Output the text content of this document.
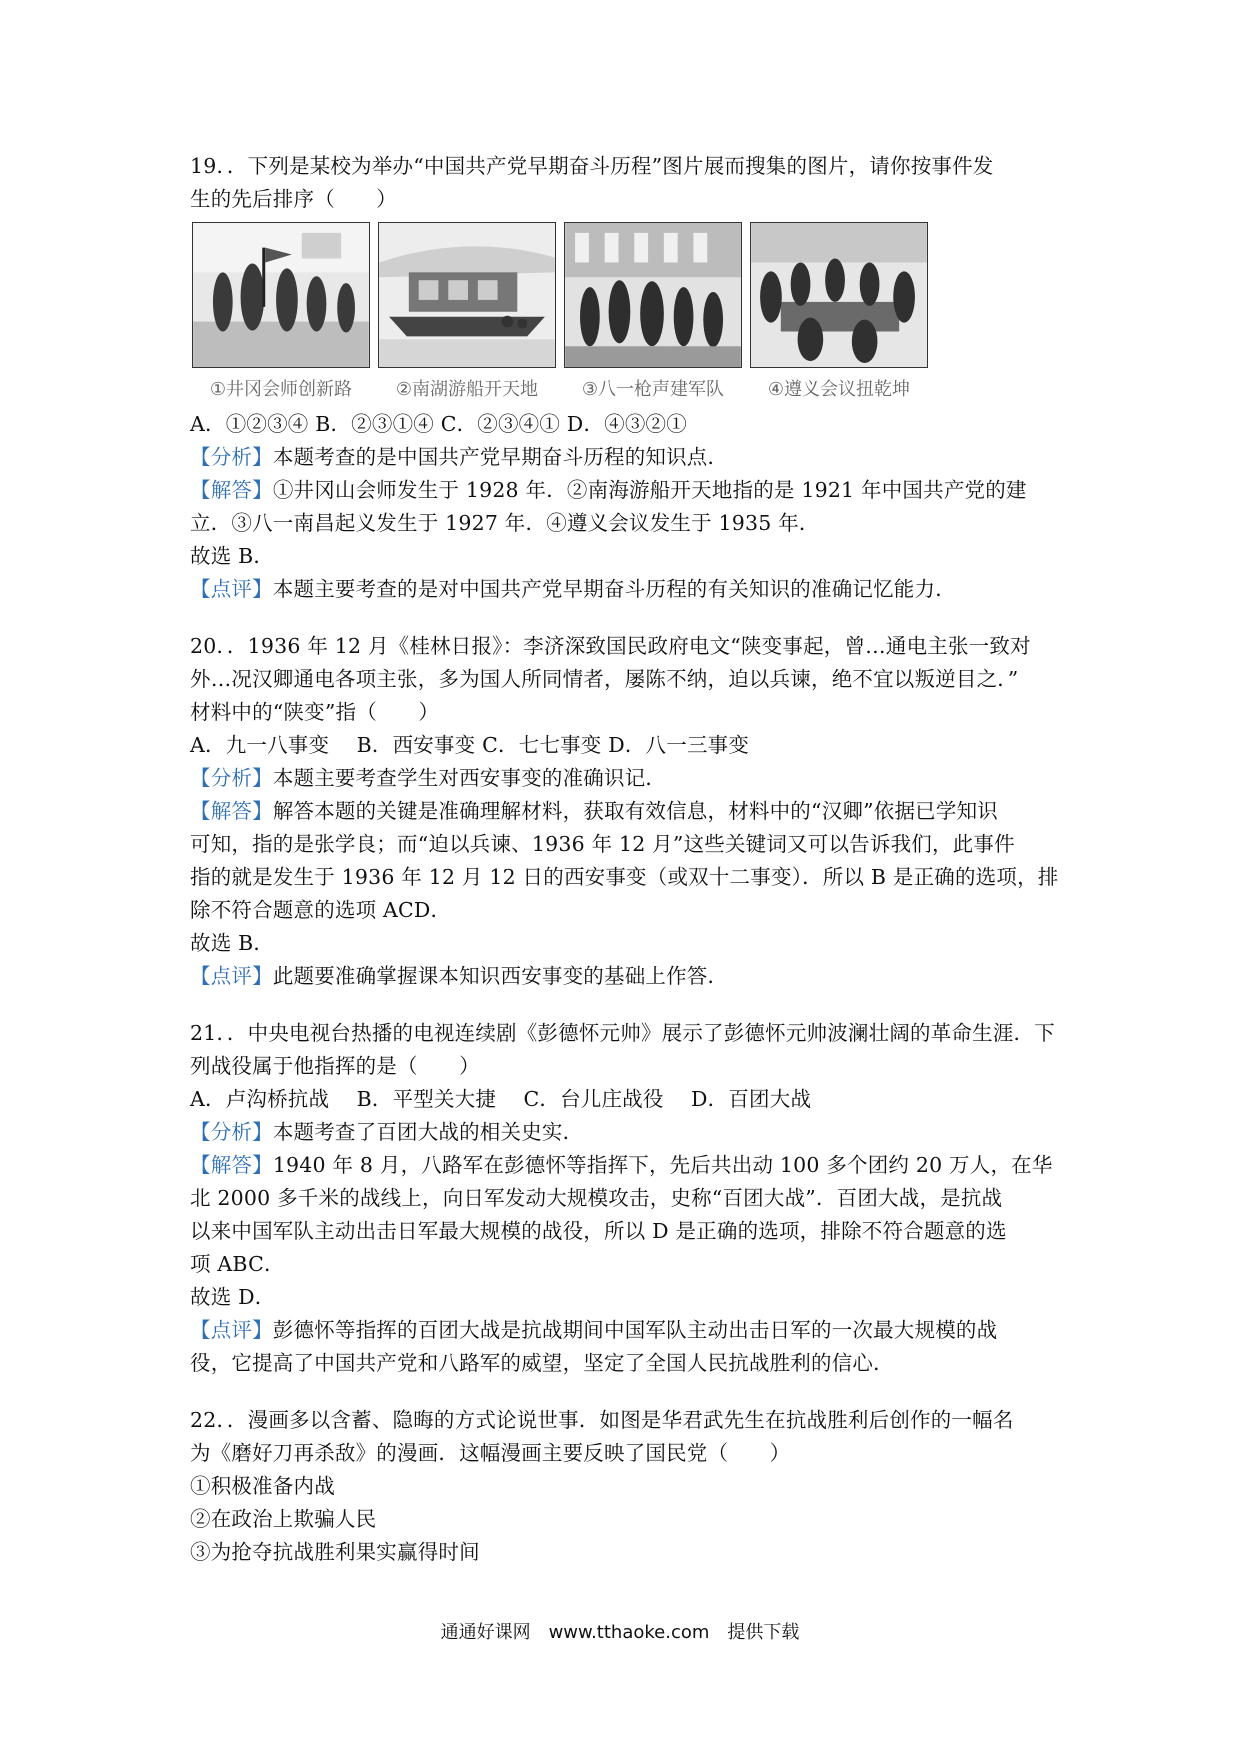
19．．下列是某校为举办“中国共产党早期奋斗历程”图片展而搜集的图片，请你按事件发
生的先后排序（　　）
①井冈会师创新路	②南湖游船开天地	③八一枪声建军队	④遵义会议扭乾坤
A．①②③④ B．②③①④ C．②③④① D．④③②①
【分析】本题考查的是中国共产党早期奋斗历程的知识点．
【解答】①井冈山会师发生于 1928 年．②南海游船开天地指的是 1921 年中国共产党的建
立．③八一南昌起义发生于 1927 年．④遵义会议发生于 1935 年．
故选 B．
【点评】本题主要考查的是对中国共产党早期奋斗历程的有关知识的准确记忆能力．
20．．1936 年 12 月《桂林日报》：李济深致国民政府电文“陕变事起，曾…通电主张一致对
外…况汉卿通电各项主张，多为国人所同情者，屡陈不纳，迫以兵谏，绝不宜以叛逆目之．”
材料中的“陕变”指（　　）
A．九一八事变　 B．西安事变 C．七七事变 D．八一三事变
【分析】本题主要考查学生对西安事变的准确识记．
【解答】解答本题的关键是准确理解材料，获取有效信息，材料中的“汉卿”依据已学知识
可知，指的是张学良；而“迫以兵谏、1936 年 12 月”这些关键词又可以告诉我们，此事件
指的就是发生于 1936 年 12 月 12 日的西安事变（或双十二事变）．所以 B 是正确的选项，排
除不符合题意的选项 ACD．
故选 B．
【点评】此题要准确掌握课本知识西安事变的基础上作答．
21．．中央电视台热播的电视连续剧《彭德怀元帅》展示了彭德怀元帅波澜壮阔的革命生涯．下
列战役属于他指挥的是（　　）
A．卢沟桥抗战　 B．平型关大捷　 C．台儿庄战役　 D．百团大战
【分析】本题考查了百团大战的相关史实．
【解答】1940 年 8 月，八路军在彭德怀等指挥下，先后共出动 100 多个团约 20 万人，在华
北 2000 多千米的战线上，向日军发动大规模攻击，史称“百团大战”．百团大战，是抗战
以来中国军队主动出击日军最大规模的战役，所以 D 是正确的选项，排除不符合题意的选
项 ABC．
故选 D．
【点评】彭德怀等指挥的百团大战是抗战期间中国军队主动出击日军的一次最大规模的战
役，它提高了中国共产党和八路军的威望，坚定了全国人民抗战胜利的信心．
22．．漫画多以含蓄、隐晦的方式论说世事．如图是华君武先生在抗战胜利后创作的一幅名
为《磨好刀再杀敌》的漫画．这幅漫画主要反映了国民党（　　）
①积极准备内战
②在政治上欺骗人民
③为抢夺抗战胜利果实赢得时间
通通好课网　www.tthaoke.com　提供下载
